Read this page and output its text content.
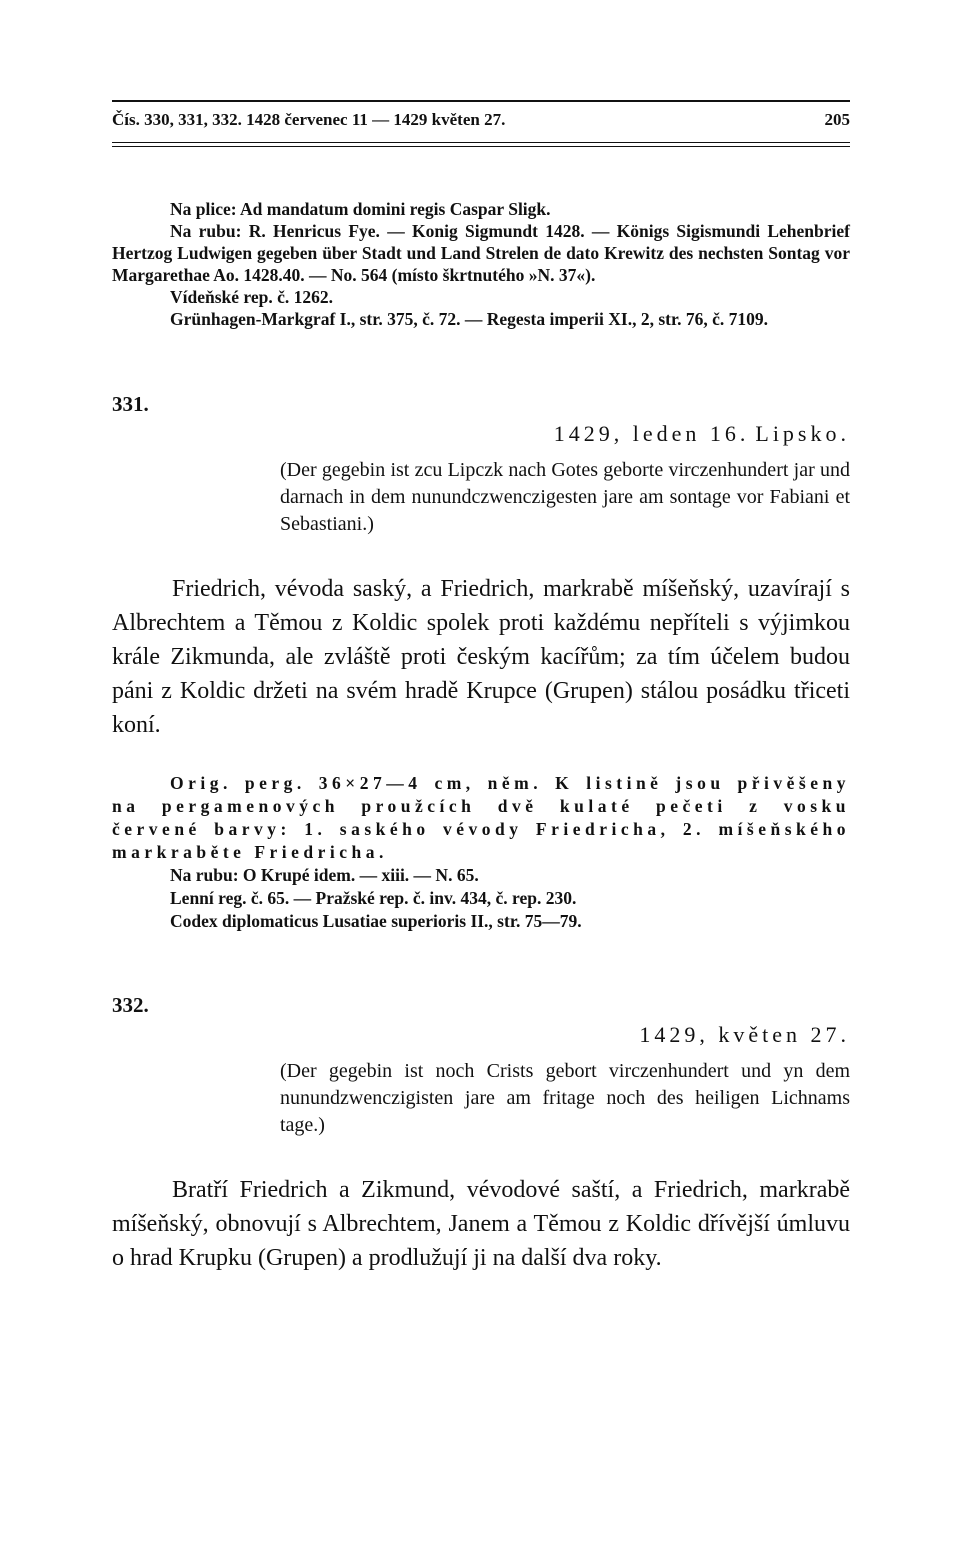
Čís. 330, 331, 332. 1428 červenec 11 — 1429 květen 27.	205

Na plice: Ad mandatum domini regis Caspar Sligk.

Na rubu: R. Henricus Fye. — Konig Sigmundt 1428. — Königs Sigismundi Lehenbrief Hertzog Ludwigen gegeben über Stadt und Land Strelen de dato Krewitz des nechsten Sontag vor Margarethae Ao. 1428.40. — No. 564 (místo škrtnutého »N. 37«).

Vídeňské rep. č. 1262.

Grünhagen-Markgraf I., str. 375, č. 72. — Regesta imperii XI., 2, str. 76, č. 7109.

331.
1429, leden 16. Lipsko.
(Der gegebin ist zcu Lipczk nach Gotes geborte virczenhundert jar und darnach in dem nunundczwenczigesten jare am sontage vor Fabiani et Sebastiani.)
Friedrich, vévoda saský, a Friedrich, markrabě míšeňský, uzavírají s Albrechtem a Těmou z Koldic spolek proti každému nepříteli s výjimkou krále Zikmunda, ale zvláště proti českým kacířům; za tím účelem budou páni z Koldic držeti na svém hradě Krupce (Grupen) stálou posádku třiceti koní.

Orig. perg. 36×27—4 cm, něm. K listině jsou přivěšeny na pergamenových proužcích dvě kulaté pečeti z vosku červené barvy: 1. saského vévody Friedricha, 2. míšeňského markraběte Friedricha.

Na rubu: O Krupé idem. — xiii. — N. 65.

Lenní reg. č. 65. — Pražské rep. č. inv. 434, č. rep. 230.

Codex diplomaticus Lusatiae superioris II., str. 75—79.

332.
1429, květen 27.
(Der gegebin ist noch Crists gebort virczenhundert und yn dem nunundzwenczigisten jare am fritage noch des heiligen Lichnams tage.)
Bratří Friedrich a Zikmund, vévodové saští, a Friedrich, markrabě míšeňský, obnovují s Albrechtem, Janem a Těmou z Koldic dřívější úmluvu o hrad Krupku (Grupen) a prodlužují ji na další dva roky.
